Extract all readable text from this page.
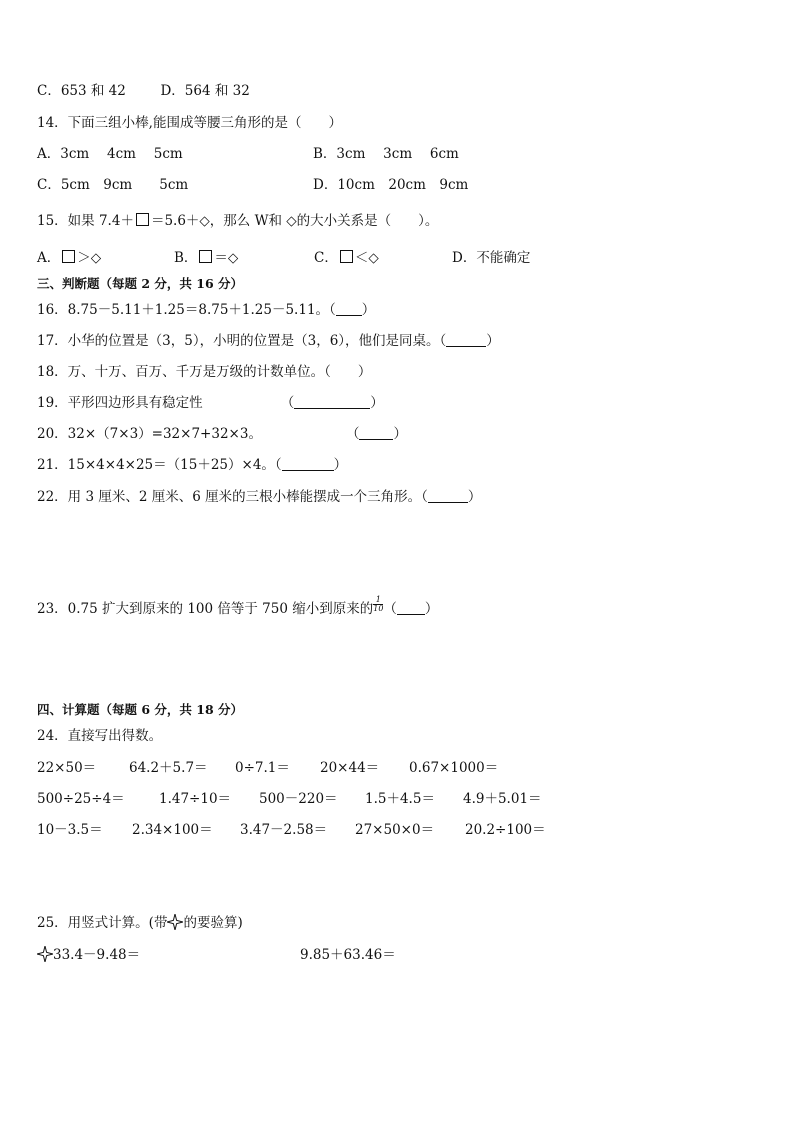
C．653 和 42	D．564 和 32
14．下面三组小棒,能围成等腰三角形的是（　　）
A．3cm　 4cm　 5cm	B．3cm　 3cm　 6cm
C．5cm　9cm　　5cm	D．10cm　20cm　9cm
15．如果 7.4＋ ＝5.6＋◇，那么 W和 ◇的大小关系是（　　）。
A． ＞◇	B． ＝◇	C． ＜◇	D．不能确定
三、判断题（每题 2 分，共 16 分）
16．8.75－5.11＋1.25＝8.75＋1.25－5.11。（ ）
17．小华的位置是（3，5），小明的位置是（3，6），他们是同桌。（	）
18．万、十万、百万、千万是万级的计数单位。（　　）
19．平形四边形具有稳定性	（	）
20．32×（7×3）=32×7+32×3。	（	）
21．15×4×4×25＝（15＋25）×4。（	）
22．用 3 厘米、2 厘米、6 厘米的三根小棒能摆成一个三角形。（	）
23．0.75 扩大到原来的 100 倍等于 750 缩小到原来的 $\frac{1}{10}$ （ ）
四、计算题（每题 6 分，共 18 分）
24．直接写出得数。
22×50＝ 64.2＋5.7＝ 0÷7.1＝ 20×44＝ 0.67×1000＝
500÷25÷4＝	1.47÷10＝ 500－220＝ 1.5＋4.5＝ 4.9＋5.01＝
10－3.5＝ 2.34×100＝ 3.47－2.58＝ 27×50×0＝ 20.2÷100＝
25．用竖式计算。(带 的要验算)
33.4－9.48＝	9.85＋63.46＝
